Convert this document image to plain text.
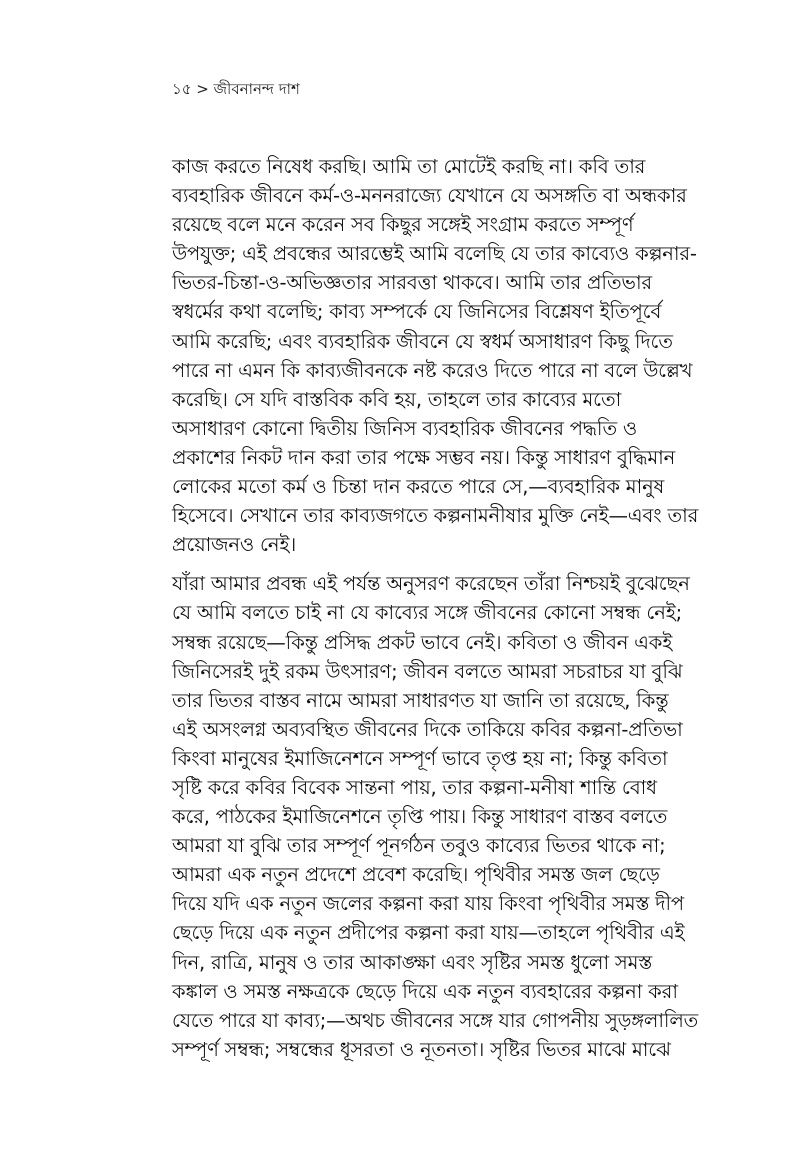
১৫ > জীবনানন্দ দাশ

কাজ করতে নিষেধ করছি। আমি তা মোটেই করছি না। কবি তার

ব্যবহারিক জীবনে কর্ম-ও-মননরাজ্যে যেখানে যে অসঙ্গতি বা অন্ধকার

রয়েছে বলে মনে করেন সব কিছুর সঙ্গেই সংগ্রাম করতে সম্পূর্ণ

উপযুক্ত; এই প্রবন্ধের আরম্ভেই আমি বলেছি যে তার কাব্যেও কল্পনার-

ভিতর-চিন্তা-ও-অভিজ্ঞতার সারবত্তা থাকবে। আমি তার প্রতিভার

স্বধর্মের কথা বলেছি; কাব্য সম্পর্কে যে জিনিসের বিশ্লেষণ ইতিপূর্বে

আমি করেছি; এবং ব্যবহারিক জীবনে যে স্বধর্ম অসাধারণ কিছু দিতে

পারে না এমন কি কাব্যজীবনকে নষ্ট করেও দিতে পারে না বলে উল্লেখ

করেছি। সে যদি বাস্তবিক কবি হয়, তাহলে তার কাব্যের মতো

অসাধারণ কোনো দ্বিতীয় জিনিস ব্যবহারিক জীবনের পদ্ধতি ও

প্রকাশের নিকট দান করা তার পক্ষে সম্ভব নয়। কিন্তু সাধারণ বুদ্ধিমান

লোকের মতো কর্ম ও চিন্তা দান করতে পারে সে,—ব্যবহারিক মানুষ

হিসেবে। সেখানে তার কাব্যজগতে কল্পনামনীষার মুক্তি নেই—এবং তার

প্রয়োজনও নেই।

যাঁরা আমার প্রবন্ধ এই পর্যন্ত অনুসরণ করেছেন তাঁরা নিশ্চয়ই বুঝেছেন

যে আমি বলতে চাই না যে কাব্যের সঙ্গে জীবনের কোনো সম্বন্ধ নেই;

সম্বন্ধ রয়েছে—কিন্তু প্রসিদ্ধ প্রকট ভাবে নেই। কবিতা ও জীবন একই

জিনিসেরই দুই রকম উৎসারণ; জীবন বলতে আমরা সচরাচর যা বুঝি

তার ভিতর বাস্তব নামে আমরা সাধারণত যা জানি তা রয়েছে, কিন্তু

এই অসংলগ্ন অব্যবস্থিত জীবনের দিকে তাকিয়ে কবির কল্পনা-প্রতিভা

কিংবা মানুষের ইমাজিনেশনে সম্পূর্ণ ভাবে তৃপ্ত হয় না; কিন্তু কবিতা

সৃষ্টি করে কবির বিবেক সান্তনা পায়, তার কল্পনা-মনীষা শান্তি বোধ

করে, পাঠকের ইমাজিনেশনে তৃপ্তি পায়। কিন্তু সাধারণ বাস্তব বলতে

আমরা যা বুঝি তার সম্পূর্ণ পূনর্গঠন তবুও কাব্যের ভিতর থাকে না;

আমরা এক নতুন প্রদেশে প্রবেশ করেছি। পৃথিবীর সমস্ত জল ছেড়ে

দিয়ে যদি এক নতুন জলের কল্পনা করা যায় কিংবা পৃথিবীর সমস্ত দীপ

ছেড়ে দিয়ে এক নতুন প্রদীপের কল্পনা করা যায়—তাহলে পৃথিবীর এই

দিন, রাত্রি, মানুষ ও তার আকাঙ্ক্ষা এবং সৃষ্টির সমস্ত ধুলো সমস্ত

কঙ্কাল ও সমস্ত নক্ষত্রকে ছেড়ে দিয়ে এক নতুন ব্যবহারের কল্পনা করা

যেতে পারে যা কাব্য;—অথচ জীবনের সঙ্গে যার গোপনীয় সুড়ঙ্গলালিত

সম্পূর্ণ সম্বন্ধ; সম্বন্ধের ধূসরতা ও নূতনতা। সৃষ্টির ভিতর মাঝে মাঝে
